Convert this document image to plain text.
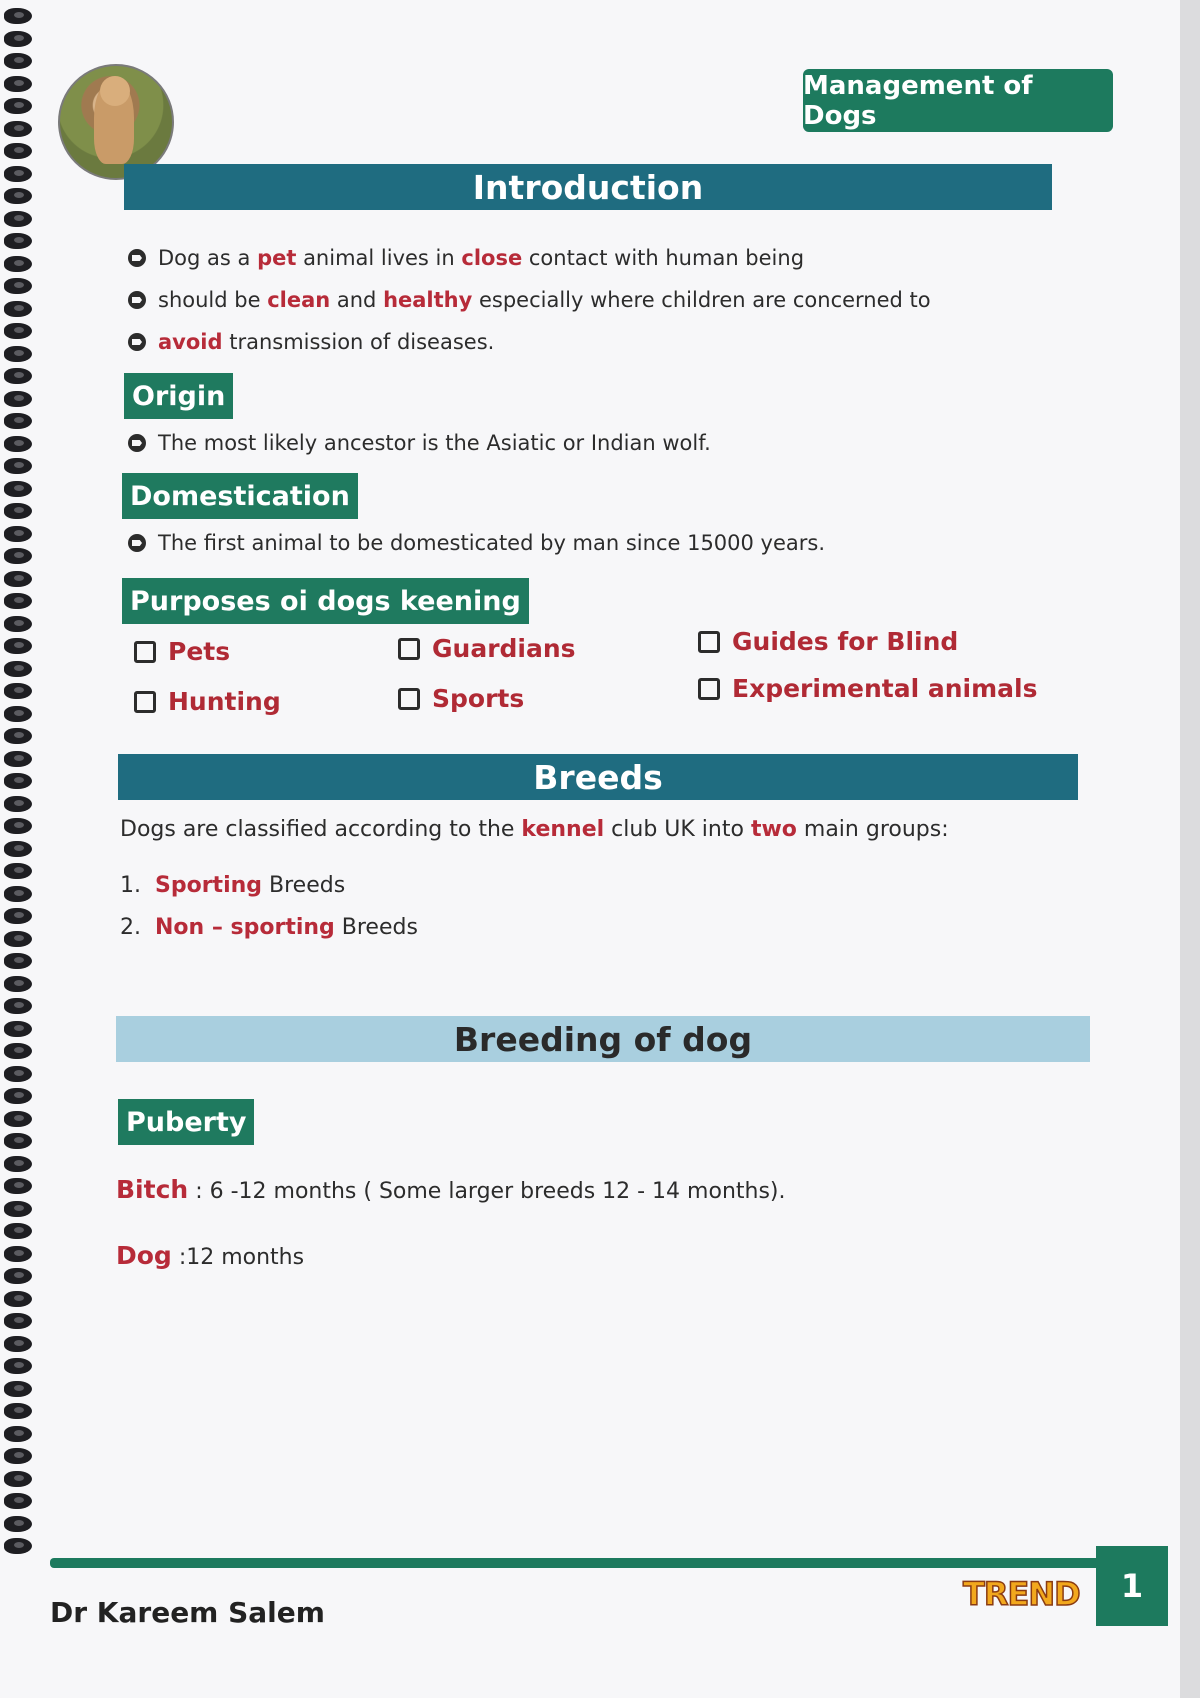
Management of Dogs
Introduction
Dog as a pet animal lives in close contact with human being
should be clean and healthy especially where children are concerned to
avoid transmission of diseases.
Origin
The most likely ancestor is the Asiatic or Indian wolf.
Domestication
The first animal to be domesticated by man since 15000 years.
Purposes oi dogs keening
Pets	Guardians	Guides for Blind
Hunting	Sports	Experimental animals
Breeds
Dogs are classified according to the kennel club UK into two main groups:
1. Sporting Breeds
2. Non – sporting Breeds
Breeding of dog
Puberty
Bitch : 6 -12 months ( Some larger breeds 12 - 14 months).
Dog :12 months
Dr Kareem Salem	TREND	1
